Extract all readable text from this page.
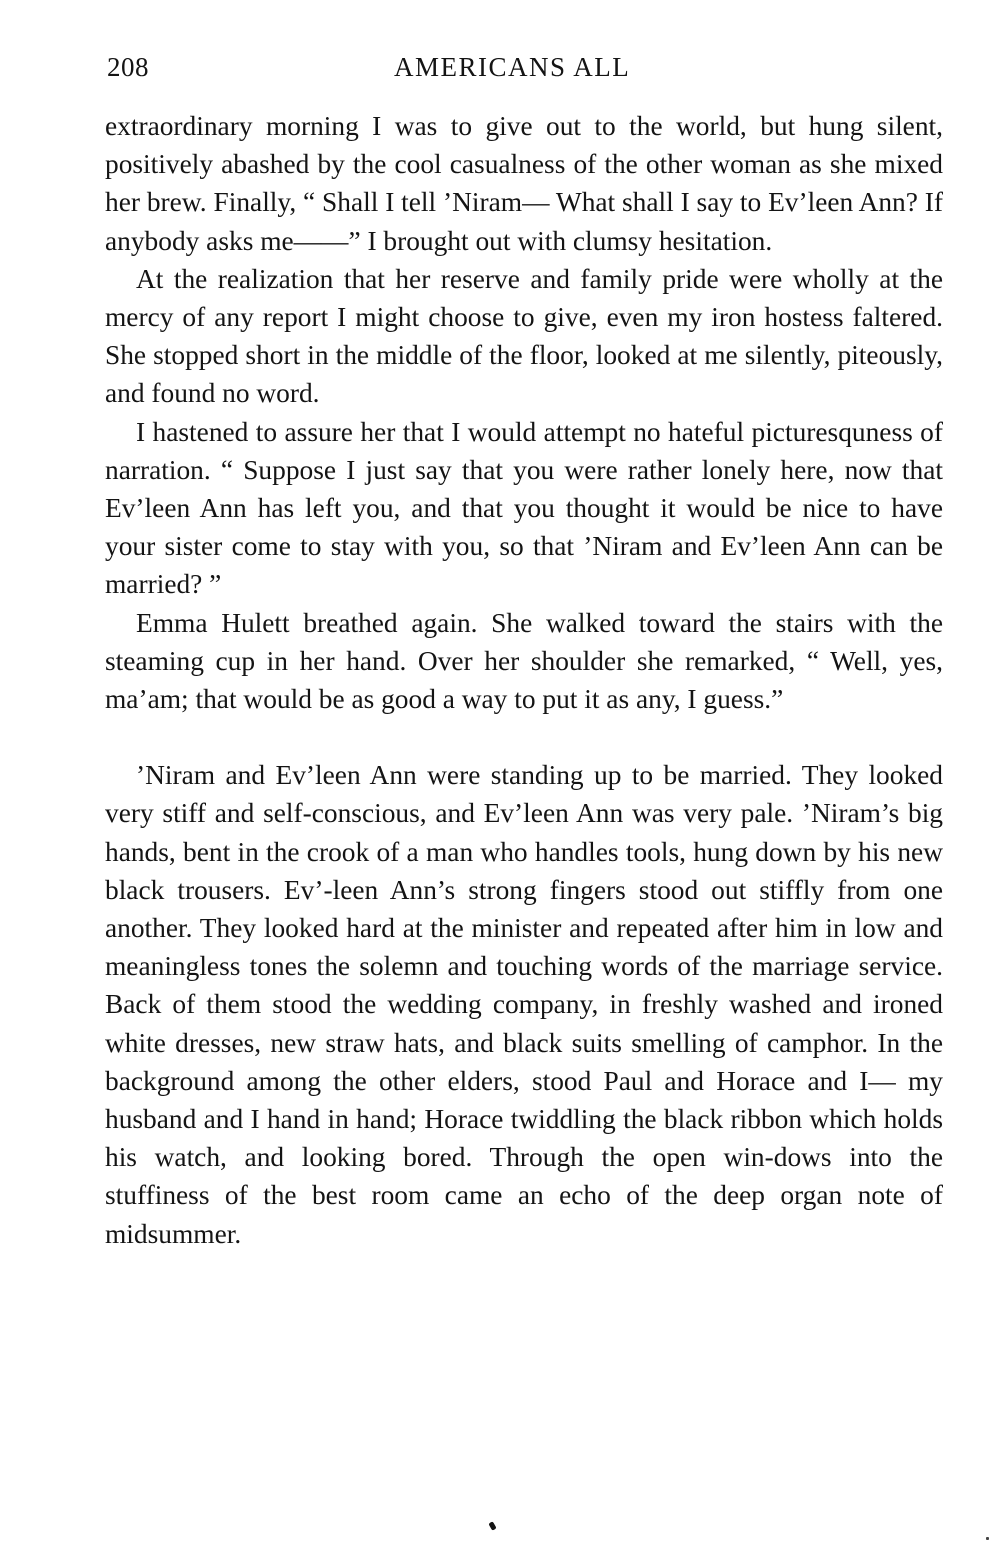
208	AMERICANS ALL

extraordinary morning I was to give out to the world, but hung silent, positively abashed by the cool casualness of the other woman as she mixed her brew. Finally, “ Shall I tell ’Niram— What shall I say to Ev’leen Ann? If anybody asks me——” I brought out with clumsy hesitation.

At the realization that her reserve and family pride were wholly at the mercy of any report I might choose to give, even my iron hostess faltered. She stopped short in the middle of the floor, looked at me silently, piteously, and found no word.

I hastened to assure her that I would attempt no hateful picturesquness of narration. “ Suppose I just say that you were rather lonely here, now that Ev’leen Ann has left you, and that you thought it would be nice to have your sister come to stay with you, so that ’Niram and Ev’leen Ann can be married? ”

Emma Hulett breathed again. She walked toward the stairs with the steaming cup in her hand. Over her shoulder she remarked, “ Well, yes, ma’am; that would be as good a way to put it as any, I guess.”

’Niram and Ev’leen Ann were standing up to be married. They looked very stiff and self-conscious, and Ev’leen Ann was very pale. ’Niram’s big hands, bent in the crook of a man who handles tools, hung down by his new black trousers. Ev’-leen Ann’s strong fingers stood out stiffly from one another. They looked hard at the minister and repeated after him in low and meaningless tones the solemn and touching words of the marriage service. Back of them stood the wedding company, in freshly washed and ironed white dresses, new straw hats, and black suits smelling of camphor. In the background among the other elders, stood Paul and Horace and I— my husband and I hand in hand; Horace twiddling the black ribbon which holds his watch, and looking bored. Through the open win-dows into the stuffiness of the best room came an echo of the deep organ note of midsummer.
